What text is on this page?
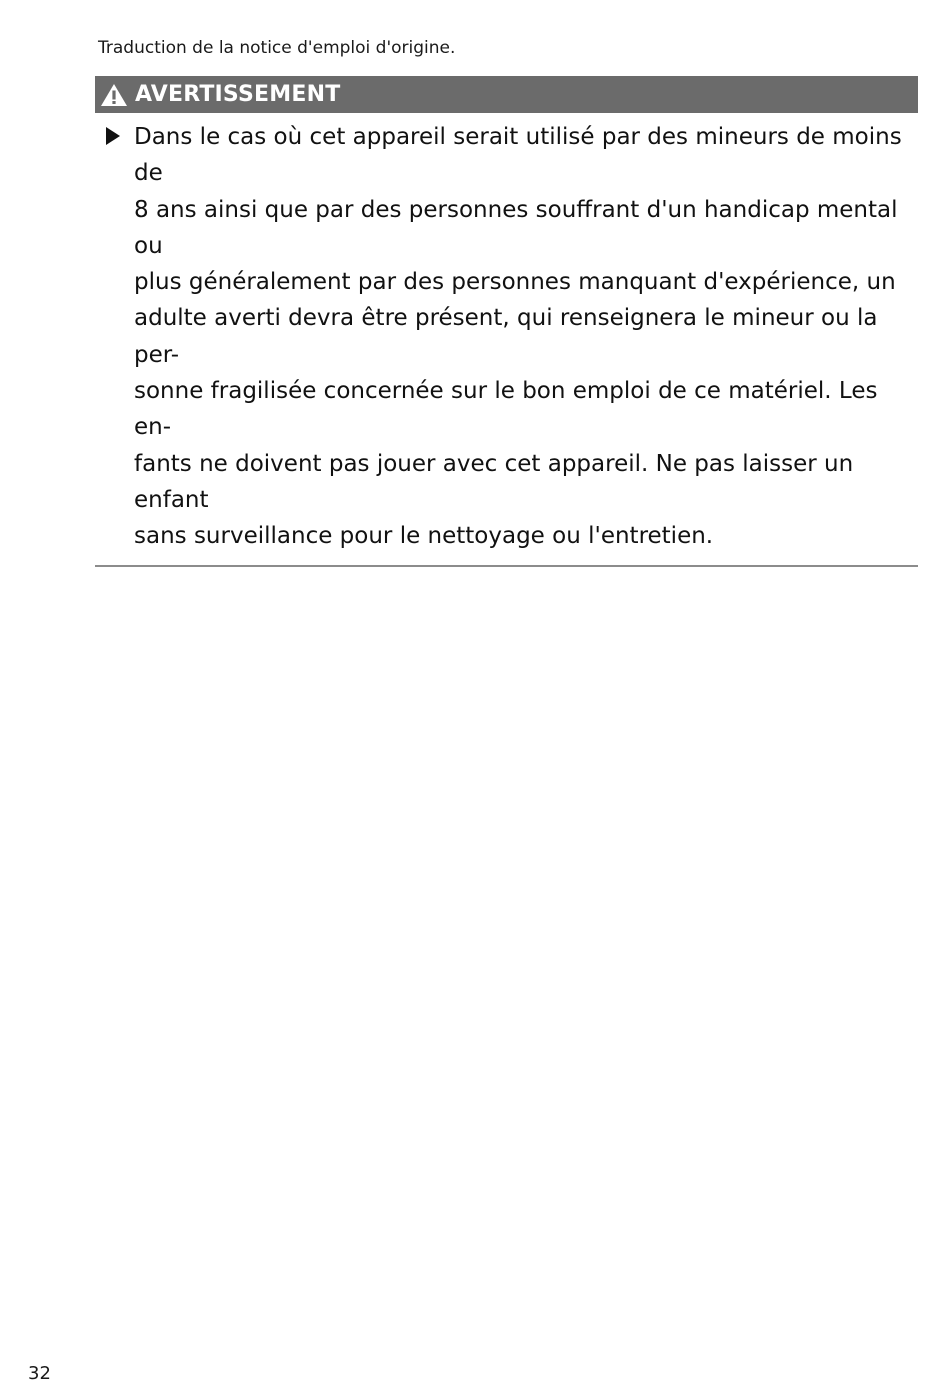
Traduction de la notice d'emploi d'origine.
AVERTISSEMENT

Dans le cas où cet appareil serait utilisé par des mineurs de moins de
8 ans ainsi que par des personnes souffrant d'un handicap mental ou
plus généralement par des personnes manquant d'expérience, un
adulte averti devra être présent, qui renseignera le mineur ou la per-
sonne fragilisée concernée sur le bon emploi de ce matériel. Les en-
fants ne doivent pas jouer avec cet appareil. Ne pas laisser un enfant
sans surveillance pour le nettoyage ou l'entretien.

32
